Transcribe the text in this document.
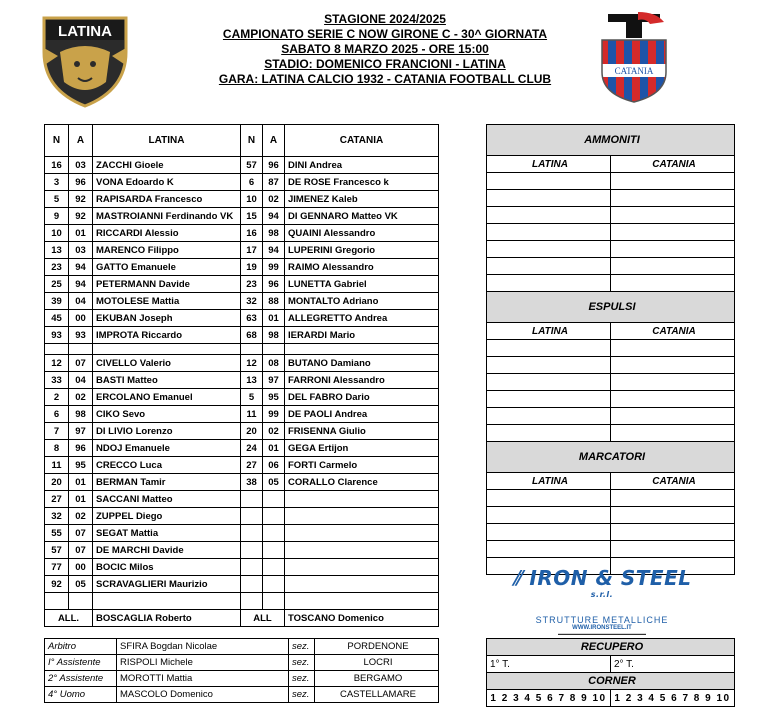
STAGIONE 2024/2025
CAMPIONATO SERIE C NOW GIRONE C - 30^ GIORNATA
SABATO 8 MARZO 2025 - ORE 15:00
STADIO: DOMENICO FRANCIONI - LATINA
GARA: LATINA CALCIO 1932 - CATANIA FOOTBALL CLUB
LATINA
CATANIA
N	A	LATINA	N	A	CATANIA
16	03	ZACCHI Gioele	57	96	DINI Andrea
3	96	VONA Edoardo K	6	87	DE ROSE Francesco k
5	92	RAPISARDA Francesco	10	02	JIMENEZ Kaleb
9	92	MASTROIANNI Ferdinando VK	15	94	DI GENNARO Matteo VK
10	01	RICCARDI Alessio	16	98	QUAINI Alessandro
13	03	MARENCO Filippo	17	94	LUPERINI Gregorio
23	94	GATTO Emanuele	19	99	RAIMO Alessandro
25	94	PETERMANN Davide	23	96	LUNETTA Gabriel
39	04	MOTOLESE Mattia	32	88	MONTALTO Adriano
45	00	EKUBAN Joseph	63	01	ALLEGRETTO Andrea
93	93	IMPROTA Riccardo	68	98	IERARDI Mario

12	07	CIVELLO Valerio	12	08	BUTANO Damiano
33	04	BASTI Matteo	13	97	FARRONI Alessandro
2	02	ERCOLANO Emanuel	5	95	DEL FABRO Dario
6	98	CIKO Sevo	11	99	DE PAOLI Andrea
7	97	DI LIVIO Lorenzo	20	02	FRISENNA Giulio
8	96	NDOJ Emanuele	24	01	GEGA Ertijon
11	95	CRECCO Luca	27	06	FORTI Carmelo
20	01	BERMAN Tamir	38	05	CORALLO Clarence
27	01	SACCANI Matteo			
32	02	ZUPPEL Diego			
55	07	SEGAT Mattia			
57	07	DE MARCHI Davide			
77	00	BOCIC Milos			
92	05	SCRAVAGLIERI Maurizio			

ALL.		BOSCAGLIA Roberto	ALL		TOSCANO Domenico
AMMONITI	
LATINA	CATANIA

ESPULSI	
LATINA	CATANIA

MARCATORI	
LATINA	CATANIA

⫽ IRON & STEEL $^{s.r.l.}$
STRUTTURE METALLICHE
WWW.IRONSTEEL.IT
▬▬▬▬▬▬▬▬▬▬▬▬▬▬▬▬▬▬▬▬▬▬
Arbitro	SFIRA Bogdan Nicolae	sez.	PORDENONE
I° Assistente	RISPOLI Michele	sez.	LOCRI
2° Assistente	MOROTTI Mattia	sez.	BERGAMO
4° Uomo	MASCOLO Domenico	sez.	CASTELLAMARE
RECUPERO	
1° T.	2° T.
CORNER	
1 2 3 4 5 6 7 8 9 10	1 2 3 4 5 6 7 8 9 10
